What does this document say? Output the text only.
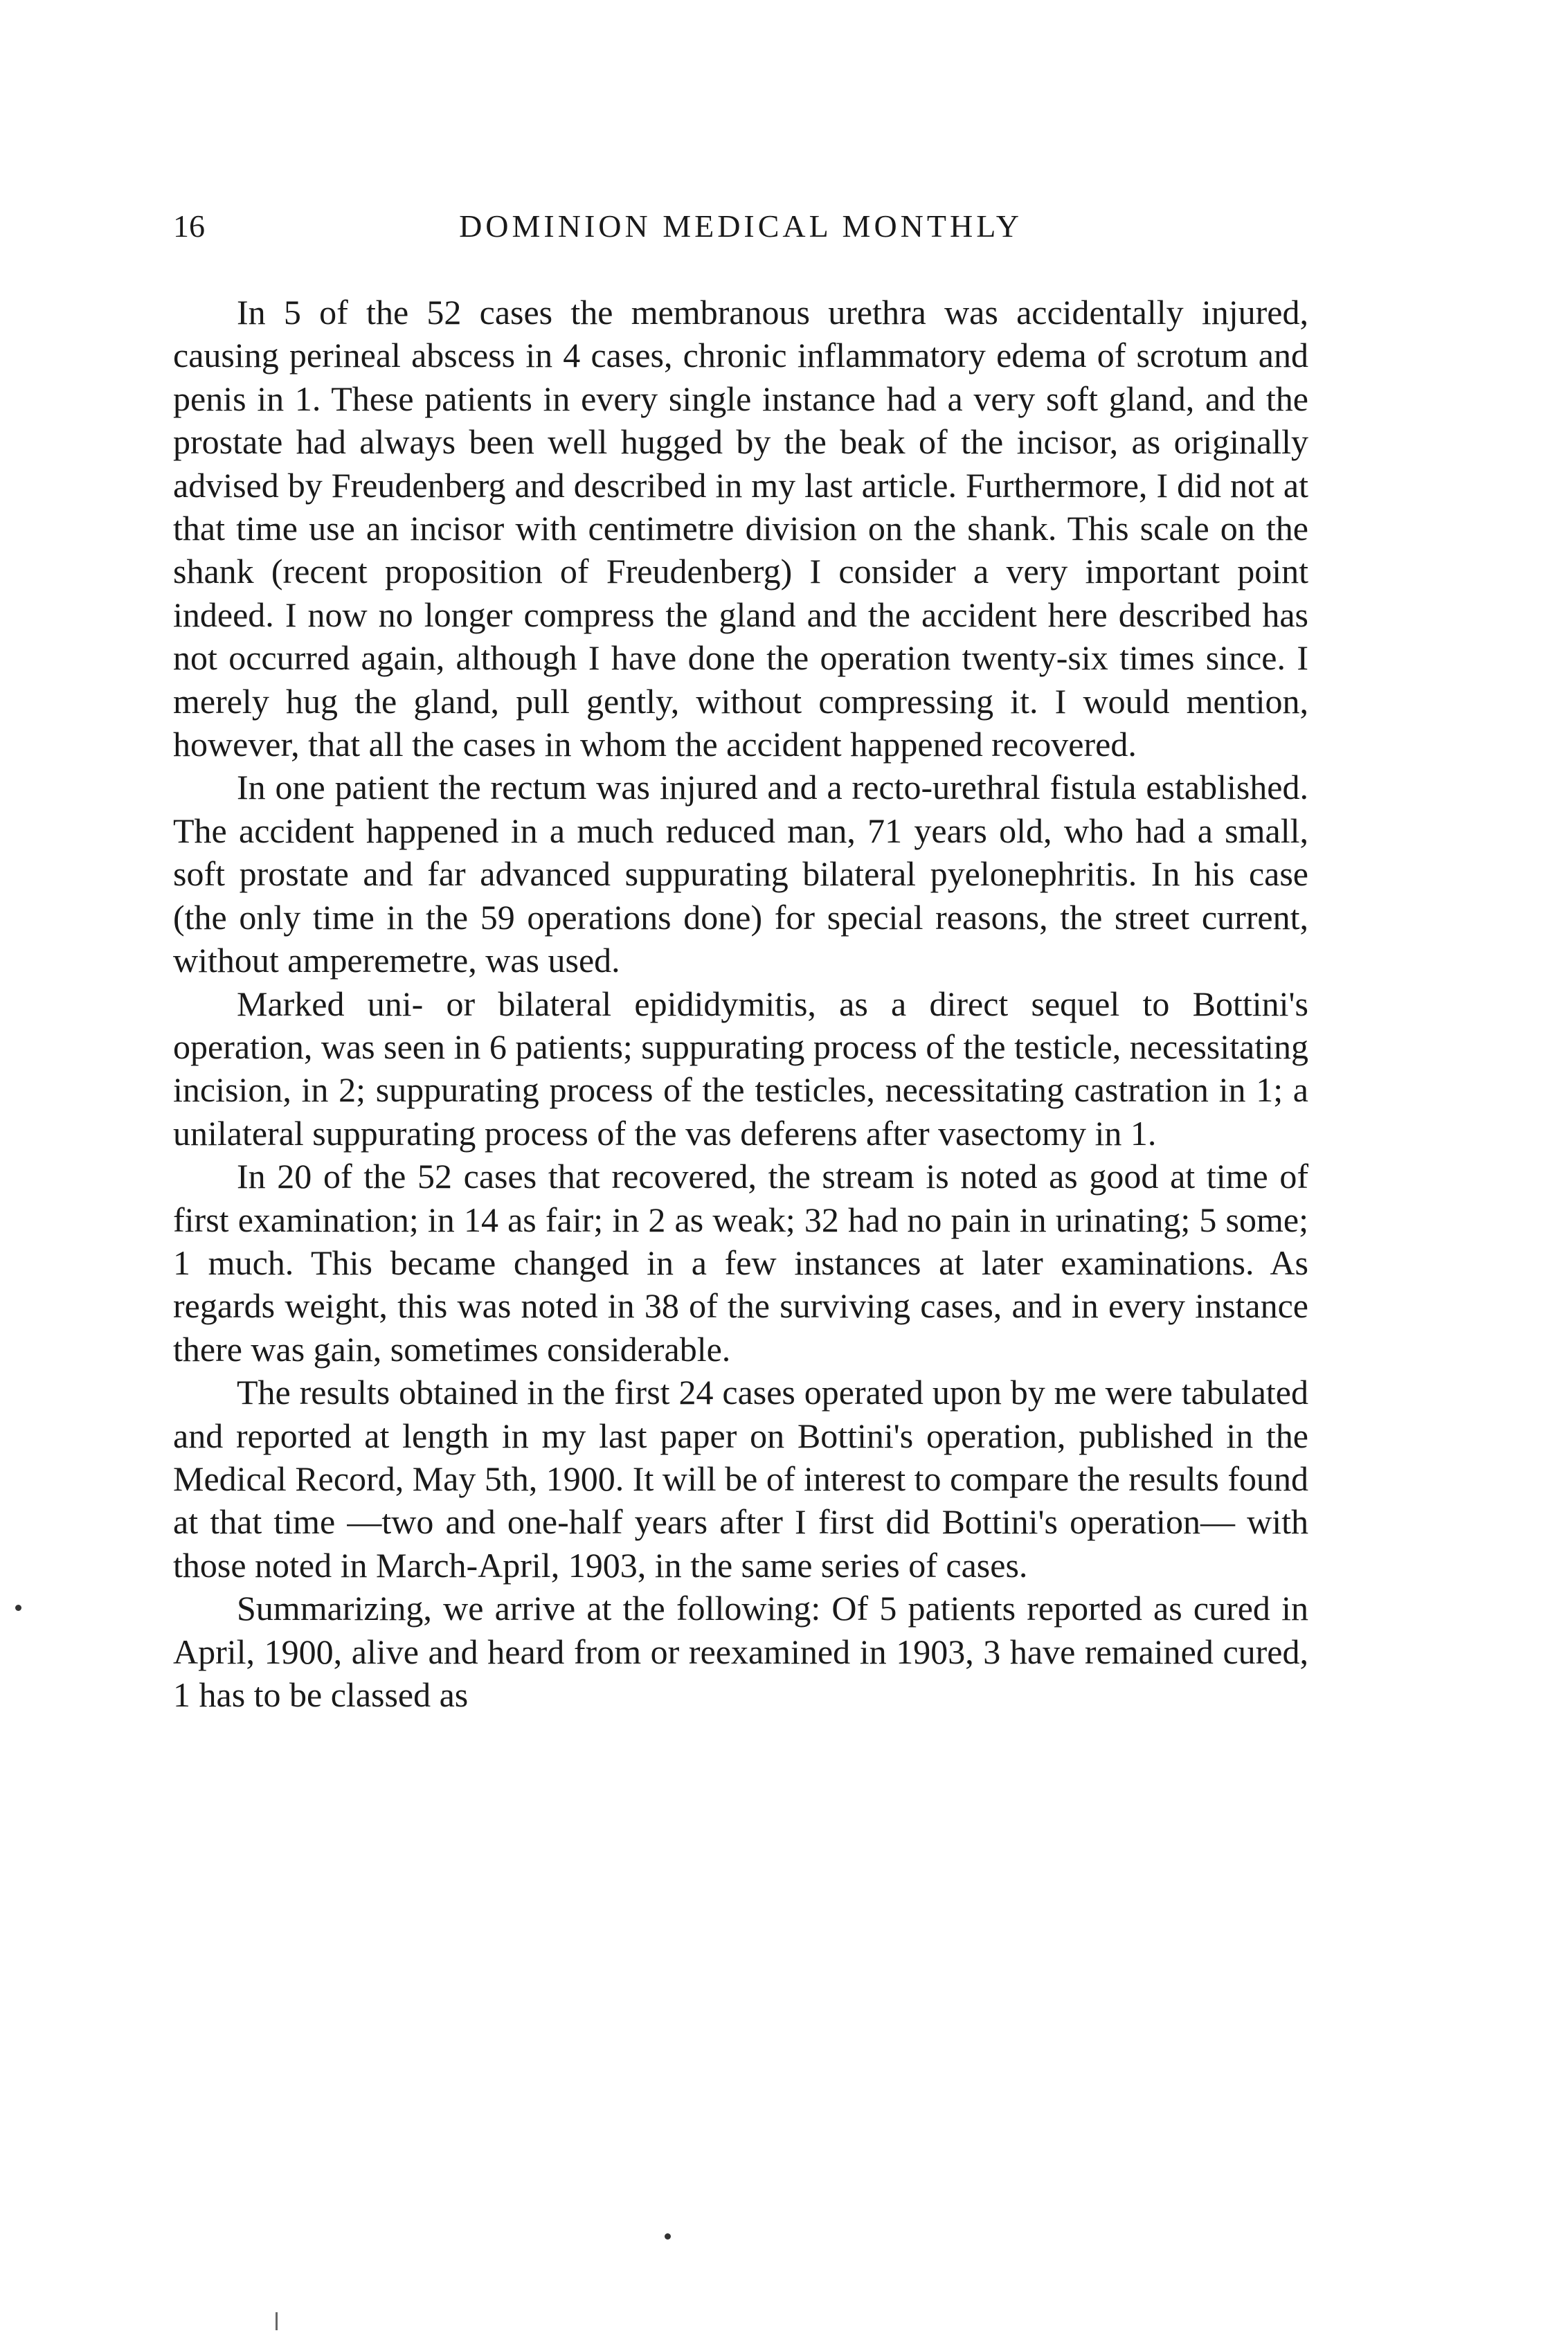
16	DOMINION MEDICAL MONTHLY

In 5 of the 52 cases the membranous urethra was accidentally injured, causing perineal abscess in 4 cases, chronic inflammatory edema of scrotum and penis in 1. These patients in every single instance had a very soft gland, and the prostate had always been well hugged by the beak of the incisor, as originally advised by Freudenberg and described in my last article. Furthermore, I did not at that time use an incisor with centimetre division on the shank. This scale on the shank (recent proposition of Freudenberg) I consider a very important point indeed. I now no longer compress the gland and the accident here described has not occurred again, although I have done the operation twenty-six times since. I merely hug the gland, pull gently, without compressing it. I would mention, however, that all the cases in whom the accident happened recovered.

In one patient the rectum was injured and a recto-urethral fistula established. The accident happened in a much reduced man, 71 years old, who had a small, soft prostate and far advanced suppurating bilateral pyelonephritis. In his case (the only time in the 59 operations done) for special reasons, the street current, without amperemetre, was used.

Marked uni- or bilateral epididymitis, as a direct sequel to Bottini's operation, was seen in 6 patients; suppurating process of the testicle, necessitating incision, in 2; suppurating process of the testicles, necessitating castration in 1; a unilateral suppurating process of the vas deferens after vasectomy in 1.

In 20 of the 52 cases that recovered, the stream is noted as good at time of first examination; in 14 as fair; in 2 as weak; 32 had no pain in urinating; 5 some; 1 much. This became changed in a few instances at later examinations. As regards weight, this was noted in 38 of the surviving cases, and in every instance there was gain, sometimes considerable.

The results obtained in the first 24 cases operated upon by me were tabulated and reported at length in my last paper on Bottini's operation, published in the Medical Record, May 5th, 1900. It will be of interest to compare the results found at that time —two and one-half years after I first did Bottini's operation— with those noted in March-April, 1903, in the same series of cases.

Summarizing, we arrive at the following: Of 5 patients reported as cured in April, 1900, alive and heard from or reexamined in 1903, 3 have remained cured, 1 has to be classed as
